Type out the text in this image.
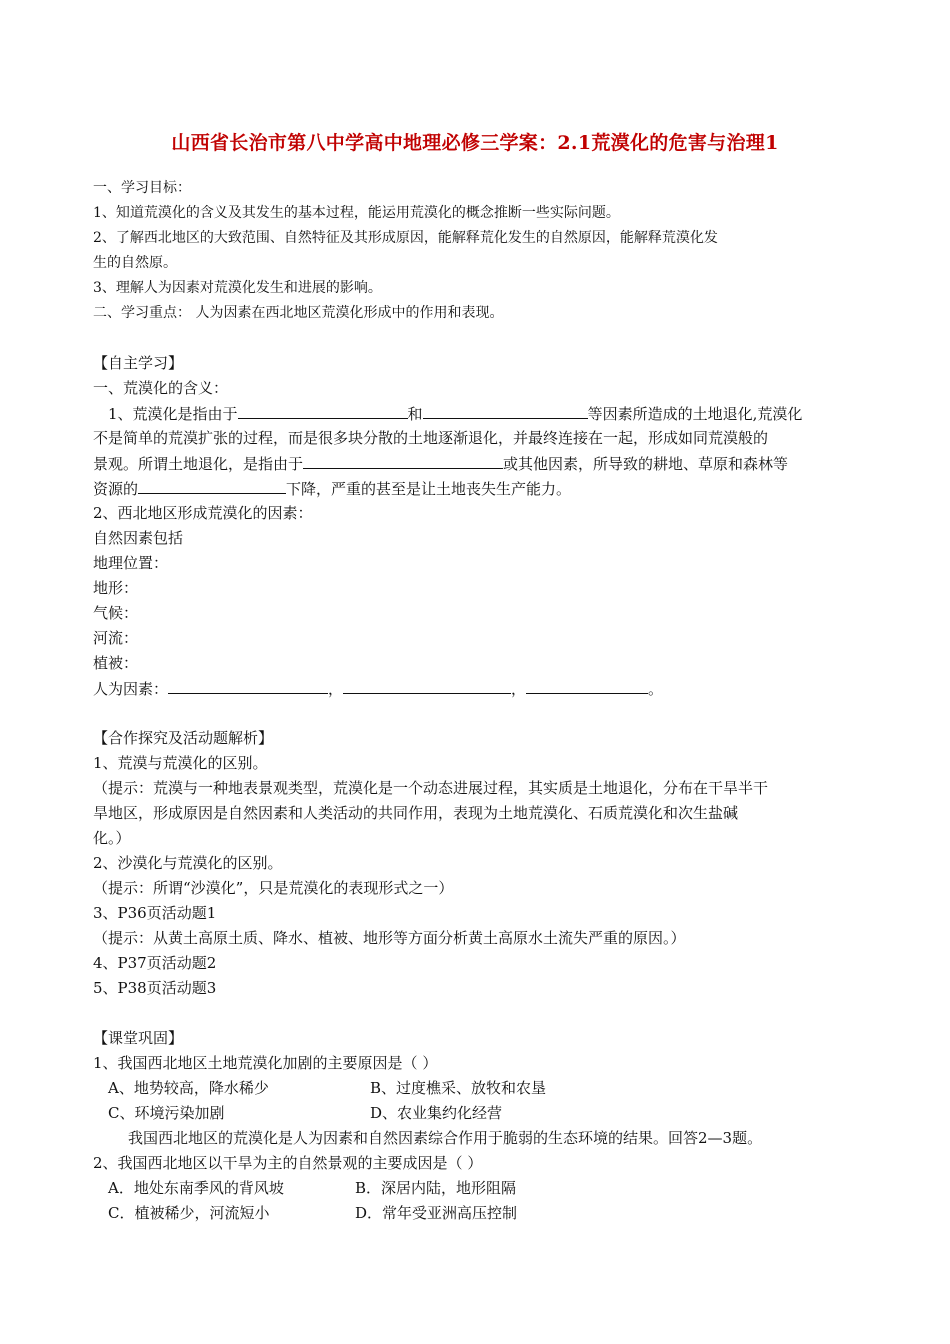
山西省长治市第八中学高中地理必修三学案：2.1荒漠化的危害与治理1
一、学习目标：
1、知道荒漠化的含义及其发生的基本过程，能运用荒漠化的概念推断一些实际问题。
2、了解西北地区的大致范围、自然特征及其形成原因，能解释荒化发生的自然原因，能解释荒漠化发
生的自然原。
3、理解人为因素对荒漠化发生和进展的影响。
二、学习重点： 人为因素在西北地区荒漠化形成中的作用和表现。
【自主学习】
一、荒漠化的含义：
1、荒漠化是指由于	和	等因素所造成的土地退化,荒漠化
不是简单的荒漠扩张的过程，而是很多块分散的土地逐渐退化，并最终连接在一起，形成如同荒漠般的
景观。所谓土地退化，是指由于	或其他因素，所导致的耕地、草原和森林等
资源的	下降，严重的甚至是让土地丧失生产能力。
2、西北地区形成荒漠化的因素：
自然因素包括
地理位置：
地形：
气候：
河流：
植被：
人为因素：	，	，	。
【合作探究及活动题解析】
1、荒漠与荒漠化的区别。
（提示：荒漠与一种地表景观类型，荒漠化是一个动态进展过程，其实质是土地退化，分布在干旱半干
旱地区，形成原因是自然因素和人类活动的共同作用，表现为土地荒漠化、石质荒漠化和次生盐碱
化。）
2、沙漠化与荒漠化的区别。
（提示：所谓“沙漠化”，只是荒漠化的表现形式之一）
3、P36页活动题1
（提示：从黄土高原土质、降水、植被、地形等方面分析黄土高原水土流失严重的原因。）
4、P37页活动题2
5、P38页活动题3
【课堂巩固】
1、我国西北地区土地荒漠化加剧的主要原因是（ ）
A、地势较高，降水稀少	B、过度樵采、放牧和农垦
C、环境污染加剧	D、农业集约化经营
我国西北地区的荒漠化是人为因素和自然因素综合作用于脆弱的生态环境的结果。回答2—3题。
2、我国西北地区以干旱为主的自然景观的主要成因是（ ）
A．地处东南季风的背风坡	B．深居内陆，地形阻隔
C．植被稀少，河流短小	D．常年受亚洲高压控制
